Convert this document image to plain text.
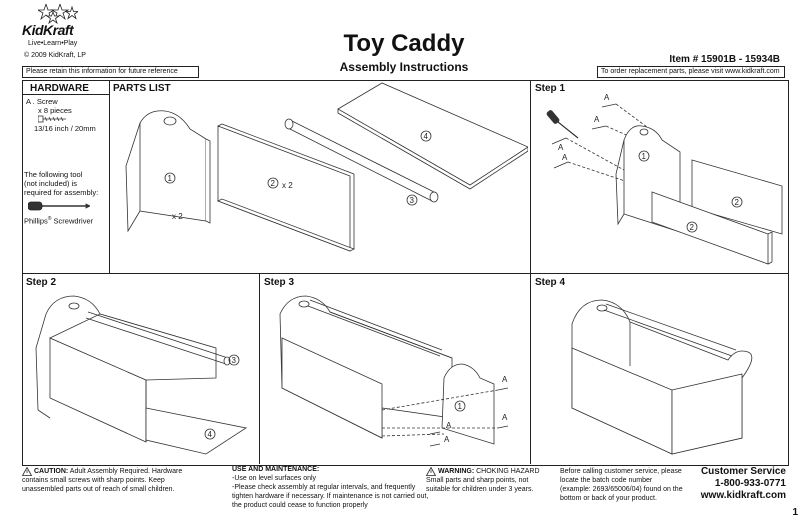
KidKraft
Live•Learn•Play
© 2009 KidKraft, LP
Please retain this information for future reference
Toy Caddy
Assembly Instructions
Item # 15901B - 15934B
To order replacement parts, please visit www.kidkraft.com
HARDWARE
A . Screw
x 8 pieces
13/16 inch / 20mm
The following tool
(not included) is
required for assembly:
Phillips® Screwdriver
PARTS LIST
1
x 2
2 x 2
3
4
Step 1
A
A
A
A	1
2
2
Step 2
3
4
Step 3
1
A
A
A
A
Step 4
CAUTION: Adult Assembly Required. Hardware
contains small screws with sharp points. Keep
unassembled parts out of reach of small children.
USE AND MAINTENANCE:
-Use on level surfaces only
-Please check assembly at regular intervals, and frequently
tighten hardware if necessary. If maintenance is not carried out,
the product could cease to function properly
WARNING: CHOKING HAZARD
Small parts and sharp points, not
suitable for children under 3 years.
Before calling customer service, please
locate the batch code number
(example: 2693/65006/04) found on the
bottom or back of your product.
Customer Service
1-800-933-0771
www.kidkraft.com
1
